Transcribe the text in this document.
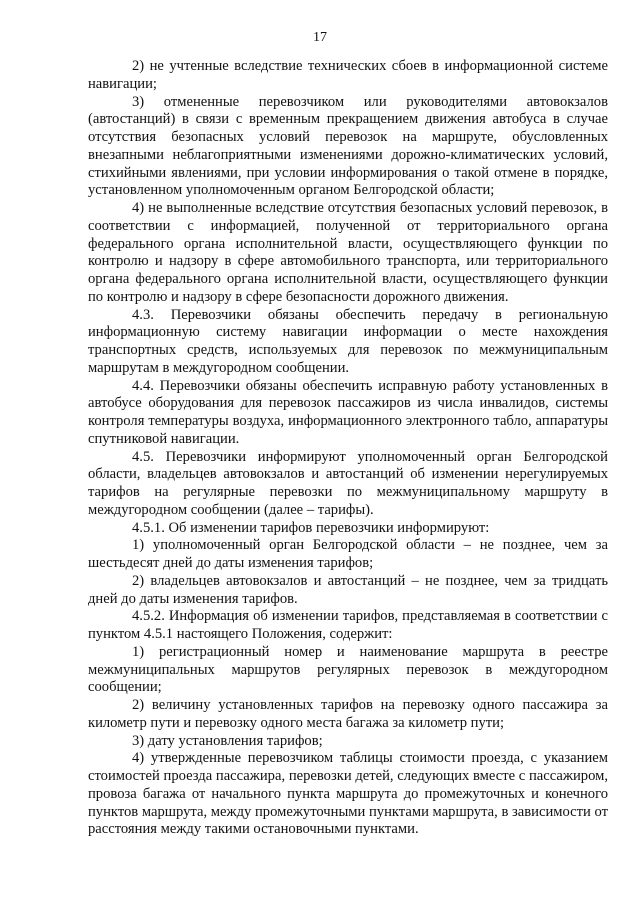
17

2) не учтенные вследствие технических сбоев в информационной системе навигации;

3) отмененные перевозчиком или руководителями автовокзалов (автостанций) в связи с временным прекращением движения автобуса в случае отсутствия безопасных условий перевозок на маршруте, обусловленных внезапными неблагоприятными изменениями дорожно-климатических условий, стихийными явлениями, при условии информирования о такой отмене в порядке, установленном уполномоченным органом Белгородской области;

4) не выполненные вследствие отсутствия безопасных условий перевозок, в соответствии с информацией, полученной от территориального органа федерального органа исполнительной власти, осуществляющего функции по контролю и надзору в сфере автомобильного транспорта, или территориального органа федерального органа исполнительной власти, осуществляющего функции по контролю и надзору в сфере безопасности дорожного движения.

4.3. Перевозчики обязаны обеспечить передачу в региональную информационную систему навигации информации о месте нахождения транспортных средств, используемых для перевозок по межмуниципальным маршрутам в междугородном сообщении.

4.4. Перевозчики обязаны обеспечить исправную работу установленных в автобусе оборудования для перевозок пассажиров из числа инвалидов, системы контроля температуры воздуха, информационного электронного табло, аппаратуры спутниковой навигации.

4.5. Перевозчики информируют уполномоченный орган Белгородской области, владельцев автовокзалов и автостанций об изменении нерегулируемых тарифов на регулярные перевозки по межмуниципальному маршруту в междугородном сообщении (далее – тарифы).

4.5.1. Об изменении тарифов перевозчики информируют:

1) уполномоченный орган Белгородской области – не позднее, чем за шестьдесят дней до даты изменения тарифов;

2) владельцев автовокзалов и автостанций – не позднее, чем за тридцать дней до даты изменения тарифов.

4.5.2. Информация об изменении тарифов, представляемая в соответствии с пунктом 4.5.1 настоящего Положения, содержит:

1) регистрационный номер и наименование маршрута в реестре межмуниципальных маршрутов регулярных перевозок в междугородном сообщении;

2) величину установленных тарифов на перевозку одного пассажира за километр пути и перевозку одного места багажа за километр пути;

3) дату установления тарифов;

4) утвержденные перевозчиком таблицы стоимости проезда, с указанием стоимостей проезда пассажира, перевозки детей, следующих вместе с пассажиром, провоза багажа от начального пункта маршрута до промежуточных и конечного пунктов маршрута, между промежуточными пунктами маршрута, в зависимости от расстояния между такими остановочными пунктами.
